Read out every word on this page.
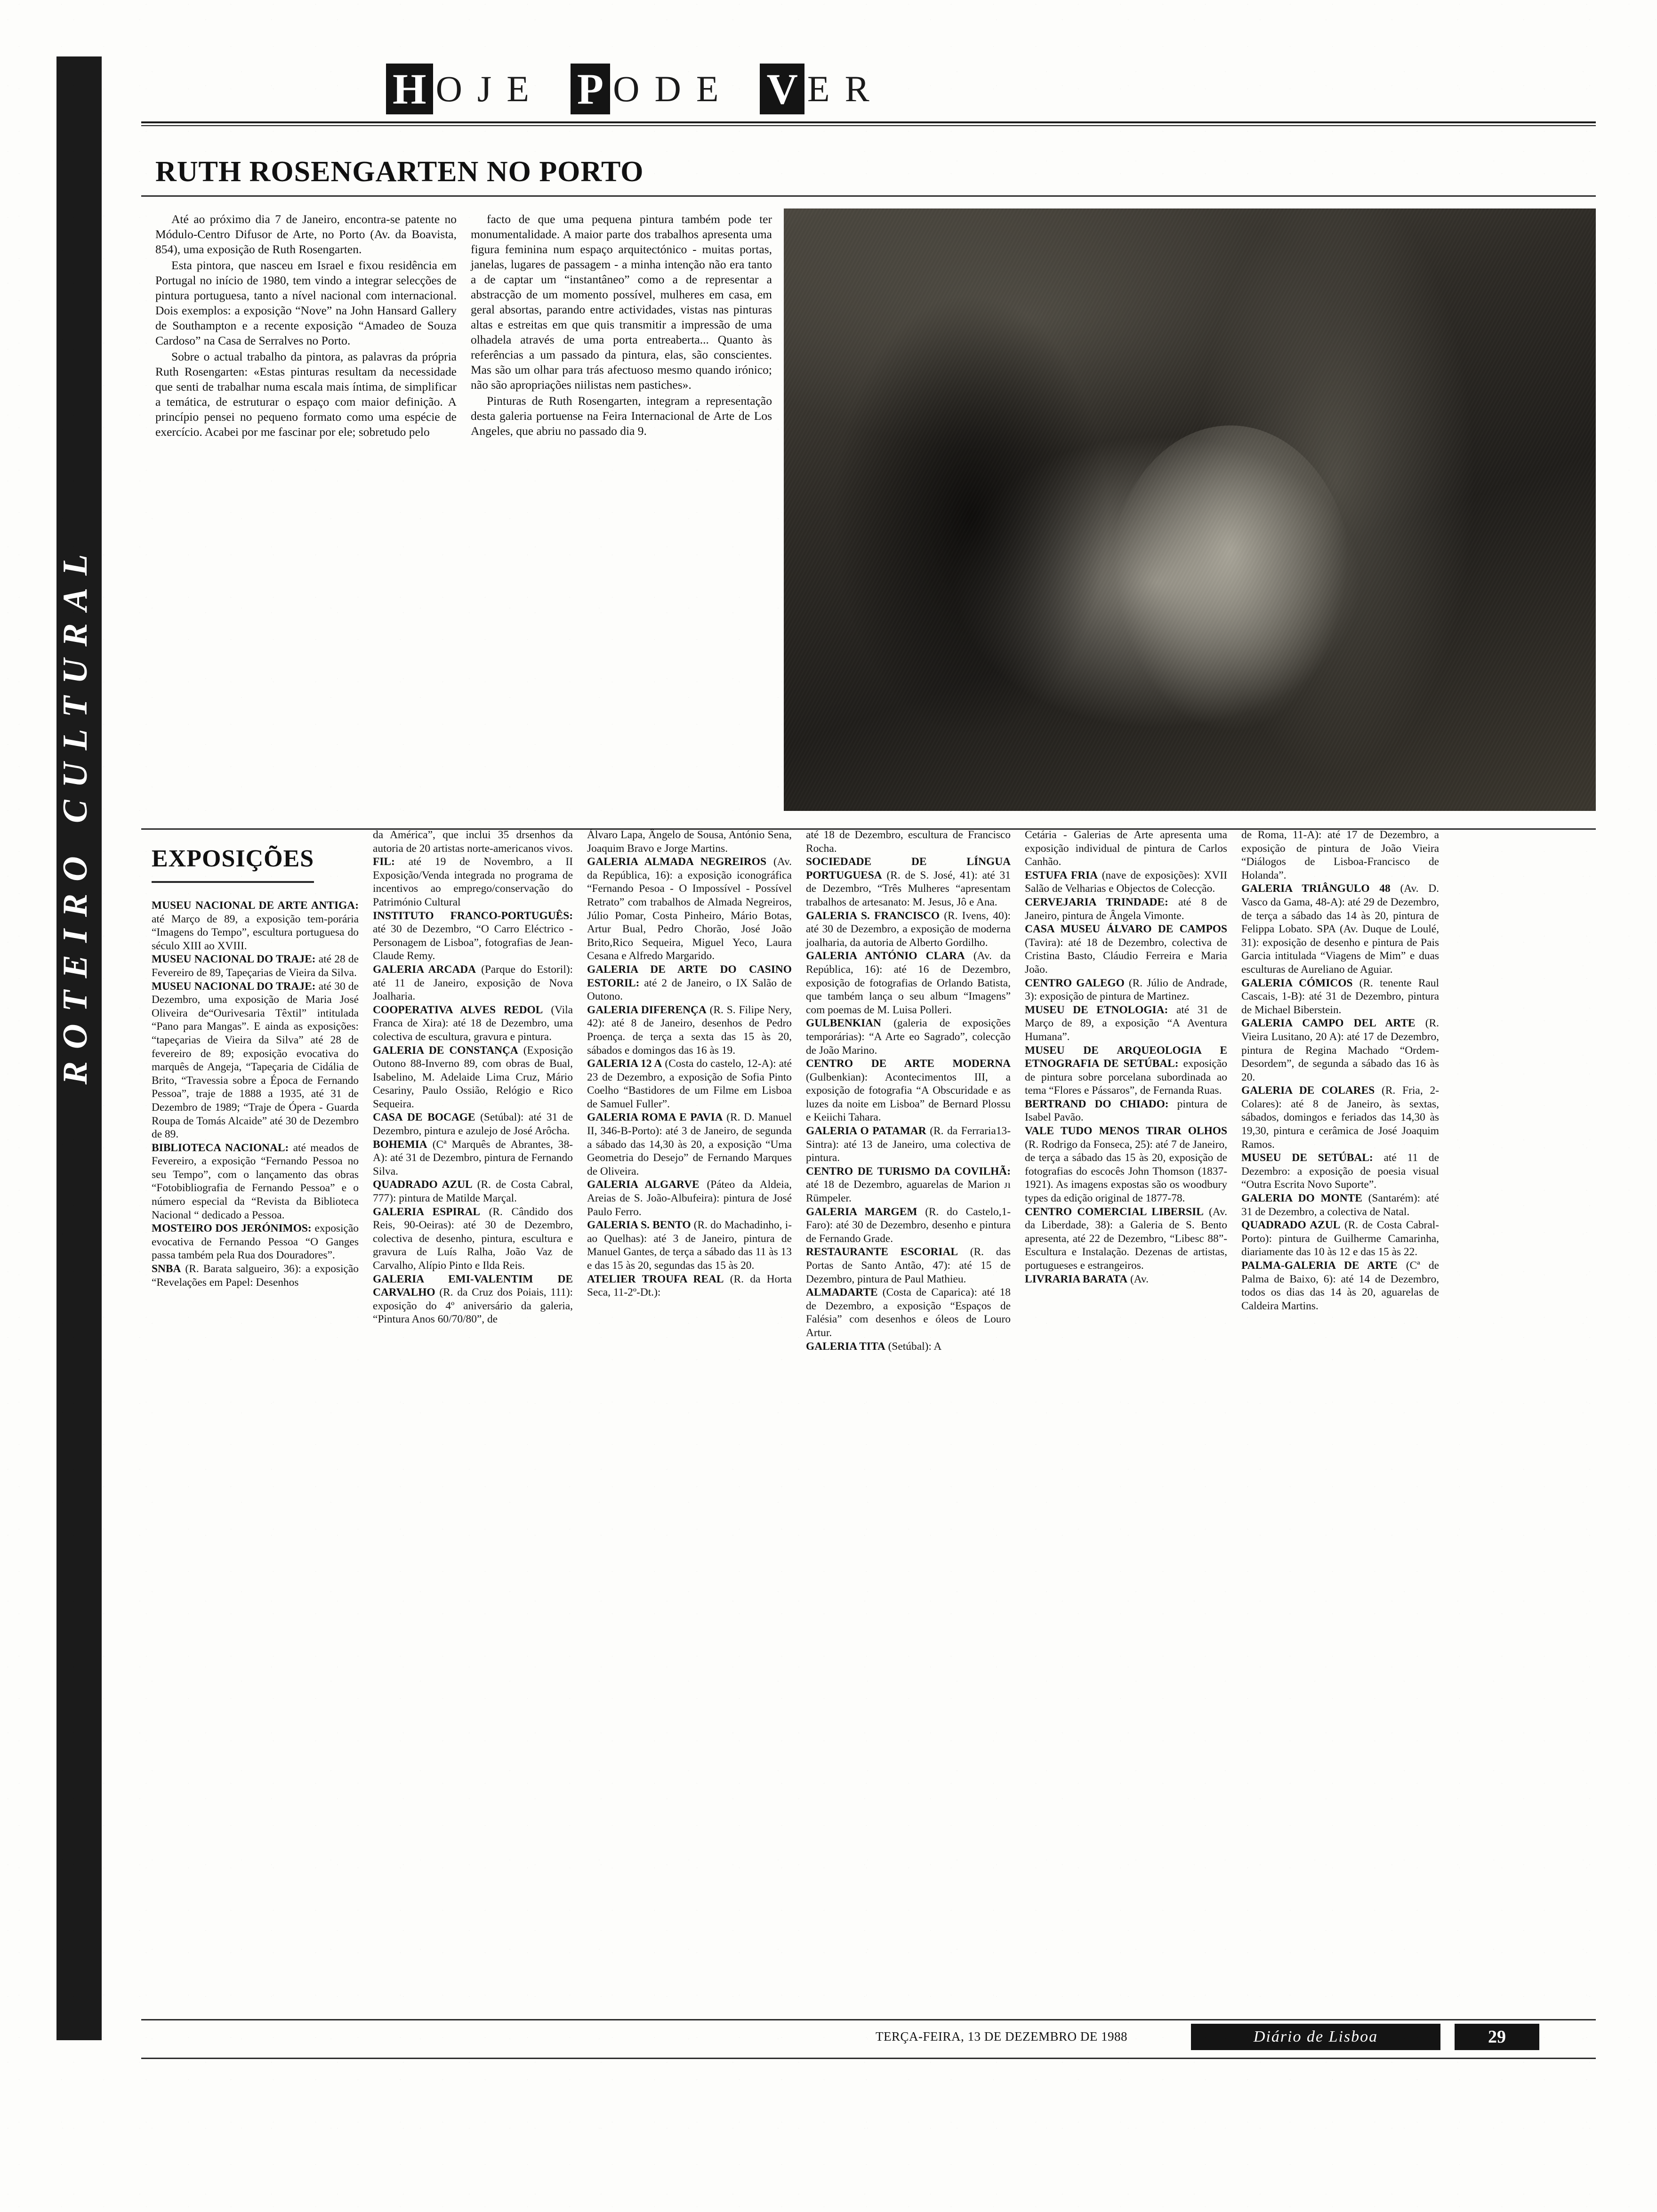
ROTEIRO CULTURAL
H O J E P O D E V E R
RUTH ROSENGARTEN NO PORTO

Até ao próximo dia 7 de Janeiro, encontra-se patente no Módulo-Centro Difusor de Arte, no Porto (Av. da Boavista, 854), uma exposição de Ruth Rosengarten.

Esta pintora, que nasceu em Israel e fixou residência em Portugal no início de 1980, tem vindo a integrar selecções de pintura portuguesa, tanto a nível nacional com internacional. Dois exemplos: a exposição “Nove” na John Hansard Gallery de Southampton e a recente exposição “Amadeo de Souza Cardoso” na Casa de Serralves no Porto.

Sobre o actual trabalho da pintora, as palavras da própria Ruth Rosengarten: «Estas pinturas resultam da necessidade que senti de trabalhar numa escala mais íntima, de simplificar a temática, de estruturar o espaço com maior definição. A princípio pensei no pequeno formato como uma espécie de exercício. Acabei por me fascinar por ele; sobretudo pelo

facto de que uma pequena pintura também pode ter monumentalidade. A maior parte dos trabalhos apresenta uma figura feminina num espaço arquitectónico - muitas portas, janelas, lugares de passagem - a minha intenção não era tanto a de captar um “instantâneo” como a de representar a abstracção de um momento possível, mulheres em casa, em geral absortas, parando entre actividades, vistas nas pinturas altas e estreitas em que quis transmitir a impressão de uma olhadela através de uma porta entreaberta... Quanto às referências a um passado da pintura, elas, são conscientes. Mas são um olhar para trás afectuoso mesmo quando irónico; não são apropriações niilistas nem pastiches».

Pinturas de Ruth Rosengarten, integram a representação desta galeria portuense na Feira Internacional de Arte de Los Angeles, que abriu no passado dia 9.

EXPOSIÇÕES
MUSEU NACIONAL DE ARTE ANTIGA: até Março de 89, a exposição tem-porária “Imagens do Tempo”, escultura portuguesa do século XIII ao XVIII.
MUSEU NACIONAL DO TRAJE: até 28 de Fevereiro de 89, Tapeçarias de Vieira da Silva.
MUSEU NACIONAL DO TRAJE: até 30 de Dezembro, uma exposição de Maria José Oliveira de“Ourivesaria Têxtil” intitulada “Pano para Mangas”. E ainda as exposições: “tapeçarias de Vieira da Silva” até 28 de fevereiro de 89; exposição evocativa do marquês de Angeja, “Tapeçaria de Cidália de Brito, “Travessia sobre a Época de Fernando Pessoa”, traje de 1888 a 1935, até 31 de Dezembro de 1989; “Traje de Ópera - Guarda Roupa de Tomás Alcaide” até 30 de Dezembro de 89.
BIBLIOTECA NACIONAL: até meados de Fevereiro, a exposição “Fernando Pessoa no seu Tempo”, com o lançamento das obras “Fotobibliografia de Fernando Pessoa” e o número especial da “Revista da Biblioteca Nacional “ dedicado a Pessoa.
MOSTEIRO DOS JERÓNIMOS: exposição evocativa de Fernando Pessoa “O Ganges passa também pela Rua dos Douradores”.
SNBA (R. Barata salgueiro, 36): a exposição “Revelações em Papel: Desenhos
da América”, que inclui 35 drsenhos da autoria de 20 artistas norte-americanos vivos.
FIL: até 19 de Novembro, a II Exposição/Venda integrada no programa de incentivos ao emprego/conservação do Património Cultural
INSTITUTO FRANCO-PORTUGUÊS: até 30 de Dezembro, “O Carro Eléctrico - Personagem de Lisboa”, fotografias de Jean-Claude Remy.
GALERIA ARCADA (Parque do Estoril): até 11 de Janeiro, exposição de Nova Joalharia.
COOPERATIVA ALVES REDOL (Vila Franca de Xira): até 18 de Dezembro, uma colectiva de escultura, gravura e pintura.
GALERIA DE CONSTANÇA (Exposição Outono 88-Inverno 89, com obras de Bual, Isabelino, M. Adelaide Lima Cruz, Mário Cesariny, Paulo Ossião, Relógio e Rico Sequeira.
CASA DE BOCAGE (Setúbal): até 31 de Dezembro, pintura e azulejo de José Arôcha.
BOHEMIA (Cª Marquês de Abrantes, 38-A): até 31 de Dezembro, pintura de Fernando Silva.
QUADRADO AZUL (R. de Costa Cabral, 777): pintura de Matilde Marçal.
GALERIA ESPIRAL (R. Cândido dos Reis, 90-Oeiras): até 30 de Dezembro, colectiva de desenho, pintura, escultura e gravura de Luís Ralha, João Vaz de Carvalho, Alípio Pinto e Ilda Reis.
GALERIA EMI-VALENTIM DE CARVALHO (R. da Cruz dos Poiais, 111): exposição do 4º aniversário da galeria, “Pintura Anos 60/70/80”, de
Álvaro Lapa, Ângelo de Sousa, António Sena, Joaquim Bravo e Jorge Martins.
GALERIA ALMADA NEGREIROS (Av. da República, 16): a exposição iconográfica “Fernando Pesoa - O Impossível - Possível Retrato” com trabalhos de Almada Negreiros, Júlio Pomar, Costa Pinheiro, Mário Botas, Artur Bual, Pedro Chorão, José João Brito,Rico Sequeira, Miguel Yeco, Laura Cesana e Alfredo Margarido.
GALERIA DE ARTE DO CASINO ESTORIL: até 2 de Janeiro, o IX Salão de Outono.
GALERIA DIFERENÇA (R. S. Filipe Nery, 42): até 8 de Janeiro, desenhos de Pedro Proença. de terça a sexta das 15 às 20, sábados e domingos das 16 às 19.
GALERIA 12 A (Costa do castelo, 12-A): até 23 de Dezembro, a exposição de Sofia Pinto Coelho “Bastidores de um Filme em Lisboa de Samuel Fuller”.
GALERIA ROMA E PAVIA (R. D. Manuel II, 346-B-Porto): até 3 de Janeiro, de segunda a sábado das 14,30 às 20, a exposição “Uma Geometria do Desejo” de Fernando Marques de Oliveira.
GALERIA ALGARVE (Páteo da Aldeia, Areias de S. João-Albufeira): pintura de José Paulo Ferro.
GALERIA S. BENTO (R. do Machadinho, i-ao Quelhas): até 3 de Janeiro, pintura de Manuel Gantes, de terça a sábado das 11 às 13 e das 15 às 20, segundas das 15 às 20.
ATELIER TROUFA REAL (R. da Horta Seca, 11-2º-Dt.):
até 18 de Dezembro, escultura de Francisco Rocha.
SOCIEDADE DE LÍNGUA PORTUGUESA (R. de S. José, 41): até 31 de Dezembro, “Três Mulheres “apresentam trabalhos de artesanato: M. Jesus, Jô e Ana.
GALERIA S. FRANCISCO (R. Ivens, 40): até 30 de Dezembro, a exposição de moderna joalharia, da autoria de Alberto Gordilho.
GALERIA ANTÓNIO CLARA (Av. da República, 16): até 16 de Dezembro, exposição de fotografias de Orlando Batista, que também lança o seu album “Imagens” com poemas de M. Luisa Polleri.
GULBENKIAN (galeria de exposições temporárias): “A Arte eo Sagrado”, colecção de João Marino.
CENTRO DE ARTE MODERNA (Gulbenkian): Acontecimentos III, a exposição de fotografia “A Obscuridade e as luzes da noite em Lisboa” de Bernard Plossu e Keiichi Tahara.
GALERIA O PATAMAR (R. da Ferraria13-Sintra): até 13 de Janeiro, uma colectiva de pintura.
CENTRO DE TURISMO DA COVILHÃ: até 18 de Dezembro, aguarelas de Marion ᴊı Rümpeler.
GALERIA MARGEM (R. do Castelo,1-Faro): até 30 de Dezembro, desenho e pintura de Fernando Grade.
RESTAURANTE ESCORIAL (R. das Portas de Santo Antão, 47): até 15 de Dezembro, pintura de Paul Mathieu.
ALMADARTE (Costa de Caparica): até 18 de Dezembro, a exposição “Espaços de Falésia” com desenhos e óleos de Louro Artur.
GALERIA TITA (Setúbal): A
Cetária - Galerias de Arte apresenta uma exposição individual de pintura de Carlos Canhão.
ESTUFA FRIA (nave de exposições): XVII Salão de Velharias e Objectos de Colecção.
CERVEJARIA TRINDADE: até 8 de Janeiro, pintura de Ângela Vimonte.
CASA MUSEU ÁLVARO DE CAMPOS (Tavira): até 18 de Dezembro, colectiva de Cristina Basto, Cláudio Ferreira e Maria João.
CENTRO GALEGO (R. Júlio de Andrade, 3): exposição de pintura de Martinez.
MUSEU DE ETNOLOGIA: até 31 de Março de 89, a exposição “A Aventura Humana”.
MUSEU DE ARQUEOLOGIA E ETNOGRAFIA DE SETÚBAL: exposição de pintura sobre porcelana subordinada ao tema “Flores e Pássaros”, de Fernanda Ruas.
BERTRAND DO CHIADO: pintura de Isabel Pavão.
VALE TUDO MENOS TIRAR OLHOS (R. Rodrigo da Fonseca, 25): até 7 de Janeiro, de terça a sábado das 15 às 20, exposição de fotografias do escocês John Thomson (1837-1921). As imagens expostas são os woodbury types da edição original de 1877-78.
CENTRO COMERCIAL LIBERSIL (Av. da Liberdade, 38): a Galeria de S. Bento apresenta, até 22 de Dezembro, “Libesc 88”-Escultura e Instalação. Dezenas de artistas, portugueses e estrangeiros.
LIVRARIA BARATA (Av.
de Roma, 11-A): até 17 de Dezembro, a exposição de pintura de João Vieira “Diálogos de Lisboa-Francisco de Holanda”.
GALERIA TRIÂNGULO 48 (Av. D. Vasco da Gama, 48-A): até 29 de Dezembro, de terça a sábado das 14 às 20, pintura de Felippa Lobato. SPA (Av. Duque de Loulé, 31): exposição de desenho e pintura de Pais Garcia intitulada “Viagens de Mim” e duas esculturas de Aureliano de Aguiar.
GALERIA CÓMICOS (R. tenente Raul Cascais, 1-B): até 31 de Dezembro, pintura de Michael Biberstein.
GALERIA CAMPO DEL ARTE (R. Vieira Lusitano, 20 A): até 17 de Dezembro, pintura de Regina Machado “Ordem-Desordem”, de segunda a sábado das 16 às 20.
GALERIA DE COLARES (R. Fria, 2-Colares): até 8 de Janeiro, às sextas, sábados, domingos e feriados das 14,30 às 19,30, pintura e cerâmica de José Joaquim Ramos.
MUSEU DE SETÚBAL: até 11 de Dezembro: a exposição de poesia visual “Outra Escrita Novo Suporte”.
GALERIA DO MONTE (Santarém): até 31 de Dezembro, a colectiva de Natal.
QUADRADO AZUL (R. de Costa Cabral-Porto): pintura de Guilherme Camarinha, diariamente das 10 às 12 e das 15 às 22.
PALMA-GALERIA DE ARTE (Cª de Palma de Baixo, 6): até 14 de Dezembro, todos os dias das 14 às 20, aguarelas de Caldeira Martins.
TERÇA-FEIRA, 13 DE DEZEMBRO DE 1988	Diário de Lisboa	29
